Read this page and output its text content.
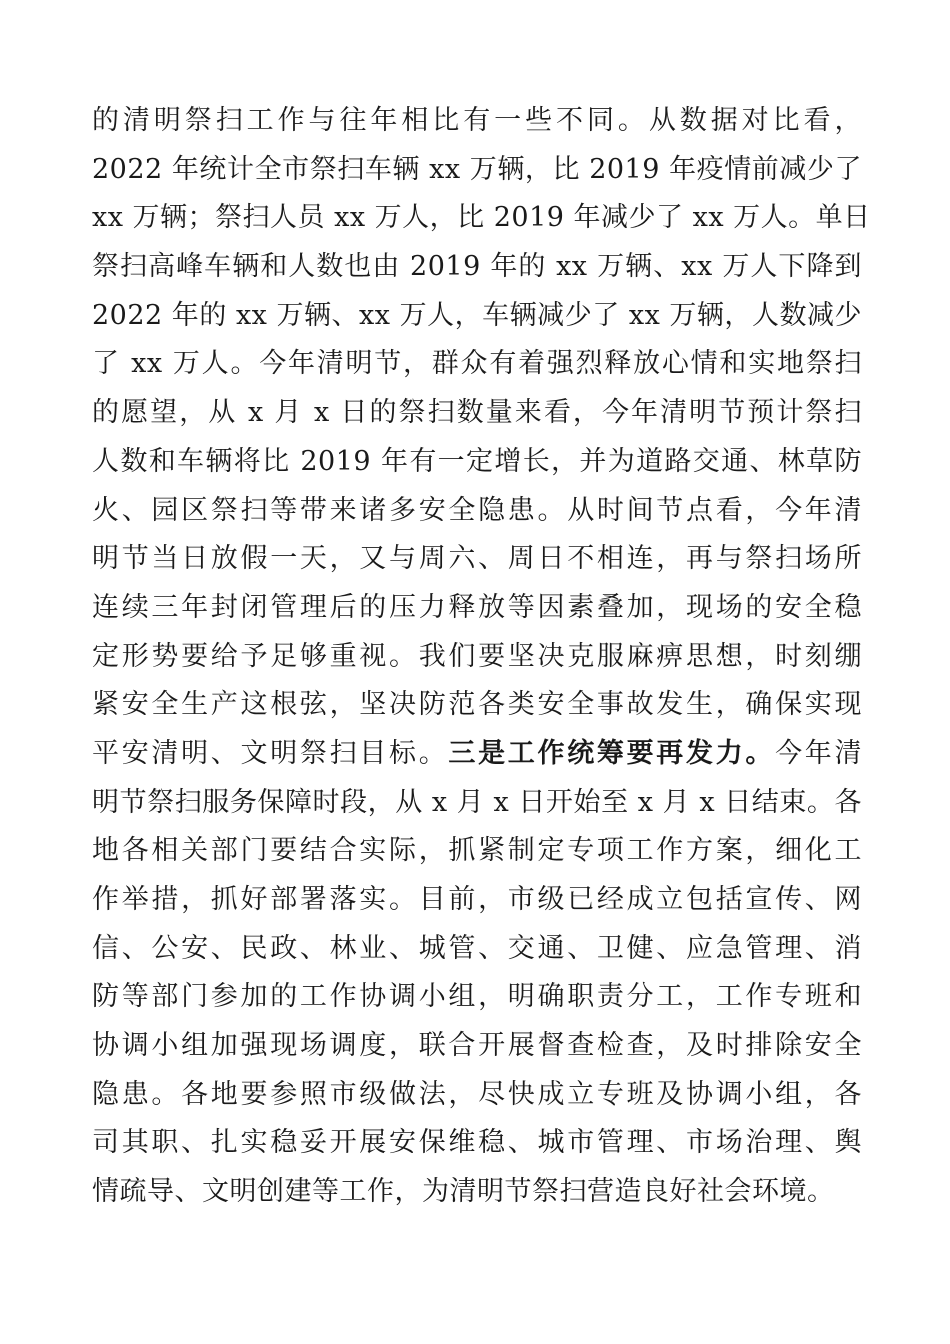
的清明祭扫工作与往年相比有一些不同。从数据对比看，
2022 年统计全市祭扫车辆 xx 万辆，比 2019 年疫情前减少了
xx 万辆；祭扫人员 xx 万人，比 2019 年减少了 xx 万人。单日
祭扫高峰车辆和人数也由 2019 年的 xx 万辆、xx 万人下降到
2022 年的 xx 万辆、xx 万人，车辆减少了 xx 万辆，人数减少
了 xx 万人。今年清明节，群众有着强烈释放心情和实地祭扫
的愿望，从 x 月 x 日的祭扫数量来看，今年清明节预计祭扫
人数和车辆将比 2019 年有一定增长，并为道路交通、林草防
火、园区祭扫等带来诸多安全隐患。从时间节点看，今年清
明节当日放假一天，又与周六、周日不相连，再与祭扫场所
连续三年封闭管理后的压力释放等因素叠加，现场的安全稳
定形势要给予足够重视。我们要坚决克服麻痹思想，时刻绷
紧安全生产这根弦，坚决防范各类安全事故发生，确保实现
平安清明、文明祭扫目标。三是工作统筹要再发力。今年清
明节祭扫服务保障时段，从 x 月 x 日开始至 x 月 x 日结束。各
地各相关部门要结合实际，抓紧制定专项工作方案，细化工
作举措，抓好部署落实。目前，市级已经成立包括宣传、网
信、公安、民政、林业、城管、交通、卫健、应急管理、消
防等部门参加的工作协调小组，明确职责分工，工作专班和
协调小组加强现场调度，联合开展督查检查，及时排除安全
隐患。各地要参照市级做法，尽快成立专班及协调小组，各
司其职、扎实稳妥开展安保维稳、城市管理、市场治理、舆
情疏导、文明创建等工作，为清明节祭扫营造良好社会环境。
